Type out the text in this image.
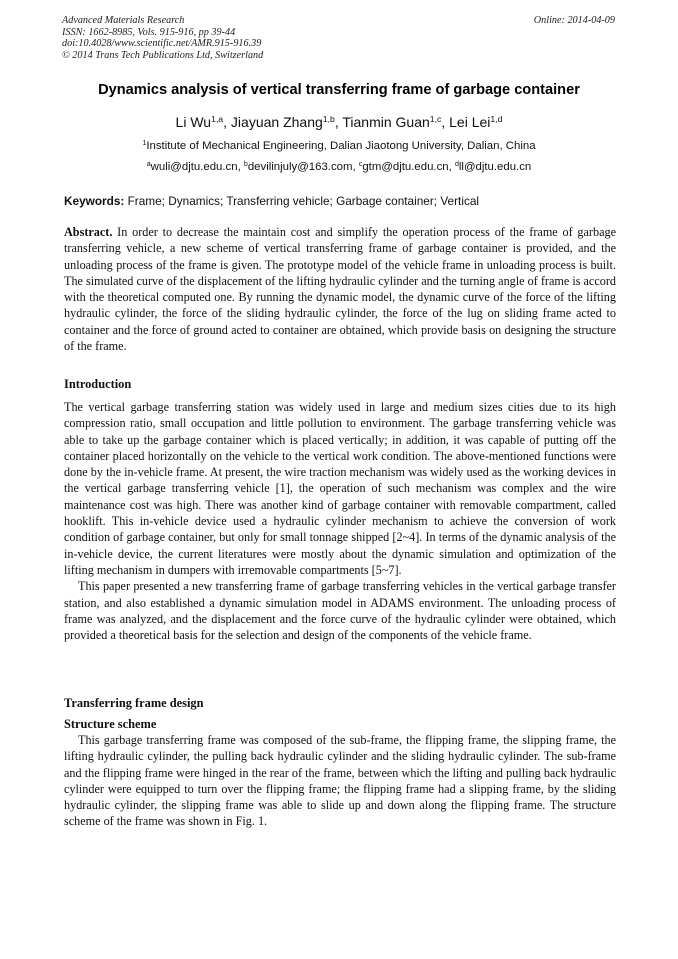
Advanced Materials Research
ISSN: 1662-8985, Vols. 915-916, pp 39-44
doi:10.4028/www.scientific.net/AMR.915-916.39
© 2014 Trans Tech Publications Ltd, Switzerland
Online: 2014-04-09
Dynamics analysis of vertical transferring frame of garbage container
Li Wu$^{1,a}$, Jiayuan Zhang$^{1,b}$, Tianmin Guan$^{1,c}$, Lei Lei$^{1,d}$
$^1$Institute of Mechanical Engineering, Dalian Jiaotong University, Dalian, China
$^a$wuli@djtu.edu.cn, $^b$devilinjuly@163.com, $^c$gtm@djtu.edu.cn, $^d$ll@djtu.edu.cn
Keywords: Frame; Dynamics; Transferring vehicle; Garbage container; Vertical

Abstract. In order to decrease the maintain cost and simplify the operation process of the frame of garbage transferring vehicle, a new scheme of vertical transferring frame of garbage container is provided, and the unloading process of the frame is given. The prototype model of the vehicle frame in unloading process is built. The simulated curve of the displacement of the lifting hydraulic cylinder and the turning angle of frame is accord with the theoretical computed one. By running the dynamic model, the dynamic curve of the force of the lifting hydraulic cylinder, the force of the sliding hydraulic cylinder, the force of the lug on sliding frame acted to container and the force of ground acted to container are obtained, which provide basis on designing the structure of the frame.

Introduction

The vertical garbage transferring station was widely used in large and medium sizes cities due to its high compression ratio, small occupation and little pollution to environment. The garbage transferring vehicle was able to take up the garbage container which is placed vertically; in addition, it was capable of putting off the container placed horizontally on the vehicle to the vertical work condition. The above-mentioned functions were done by the in-vehicle frame. At present, the wire traction mechanism was widely used as the working devices in the vertical garbage transferring vehicle [1], the operation of such mechanism was complex and the wire maintenance cost was high. There was another kind of garbage container with removable compartment, called hooklift. This in-vehicle device used a hydraulic cylinder mechanism to achieve the conversion of work condition of garbage container, but only for small tonnage shipped [2~4]. In terms of the dynamic analysis of the in-vehicle device, the current literatures were mostly about the dynamic simulation and optimization of the lifting mechanism in dumpers with irremovable compartments [5~7].

This paper presented a new transferring frame of garbage transferring vehicles in the vertical garbage transfer station, and also established a dynamic simulation model in ADAMS environment. The unloading process of frame was analyzed, and the displacement and the force curve of the hydraulic cylinder were obtained, which provided a theoretical basis for the selection and design of the components of the vehicle frame.

Transferring frame design
Structure scheme

This garbage transferring frame was composed of the sub-frame, the flipping frame, the slipping frame, the lifting hydraulic cylinder, the pulling back hydraulic cylinder and the sliding hydraulic cylinder. The sub-frame and the flipping frame were hinged in the rear of the frame, between which the lifting and pulling back hydraulic cylinder were equipped to turn over the flipping frame; the flipping frame had a slipping frame, by the sliding hydraulic cylinder, the slipping frame was able to slide up and down along the flipping frame. The structure scheme of the frame was shown in Fig. 1.
